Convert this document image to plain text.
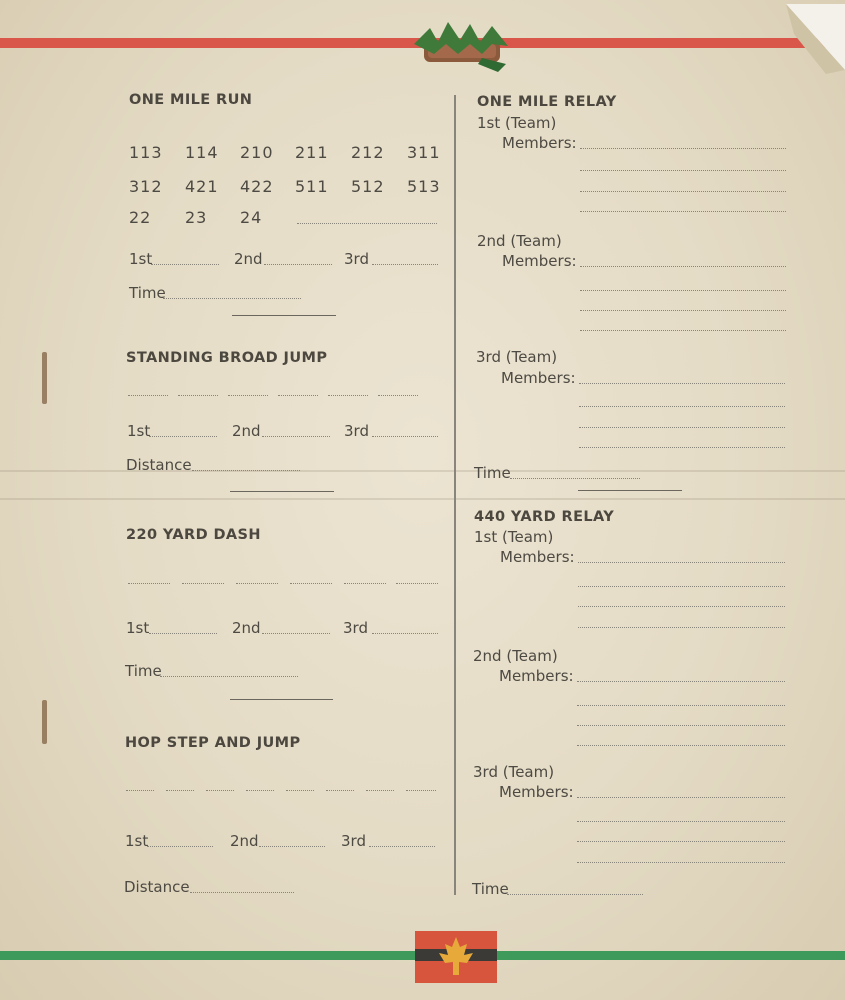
ONE MILE RUN
113 114 210 211 212 311
312 421 422 511 512 513
22 23 24
1st	2nd	3rd
Time
STANDING BROAD JUMP
1st	2nd	3rd
Distance
220 YARD DASH
1st	2nd	3rd
Time
HOP STEP AND JUMP
1st	2nd	3rd
Distance
ONE MILE RELAY
1st (Team)
Members:
2nd (Team)
Members:
3rd (Team)
Members:
Time
440 YARD RELAY
1st (Team)
Members:
2nd (Team)
Members:
3rd (Team)
Members:
Time
